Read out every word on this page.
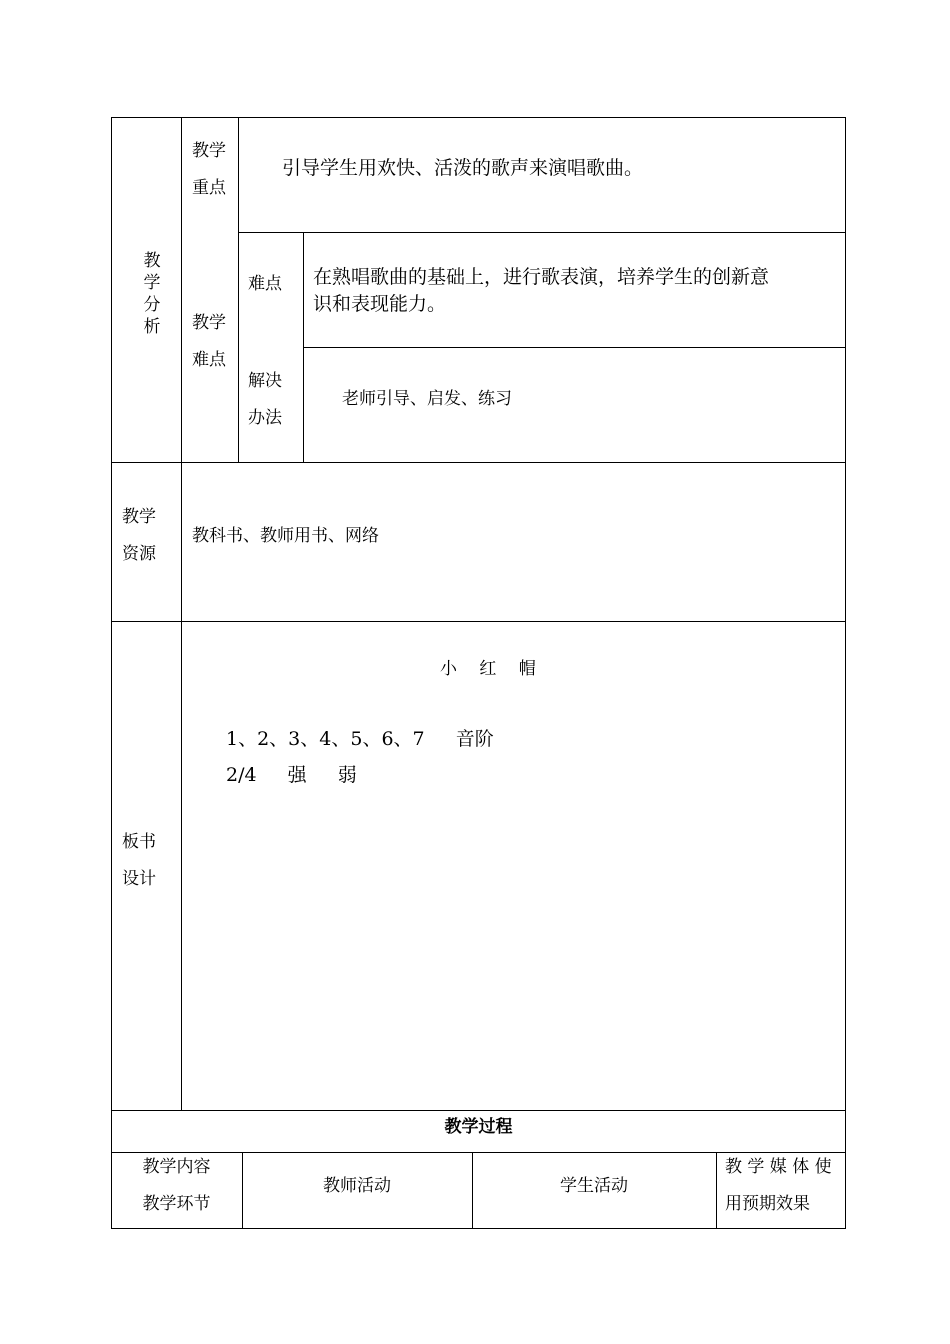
教
学
分
析
教学
重点
引导学生用欢快、活泼的歌声来演唱歌曲。
教学
难点
难点 在熟唱歌曲的基础上，进行歌表演，培养学生的创新意
识和表现能力。
解决
办法
老师引导、启发、练习
教学
资源
教科书、教师用书、网络
板书
设计
小　 红　 帽
1、2、3、4、5、6、7　  音阶
2/4　  强　  弱
教学过程
教学内容
教学环节
教师活动	学生活动
教 学 媒 体 使
用预期效果
